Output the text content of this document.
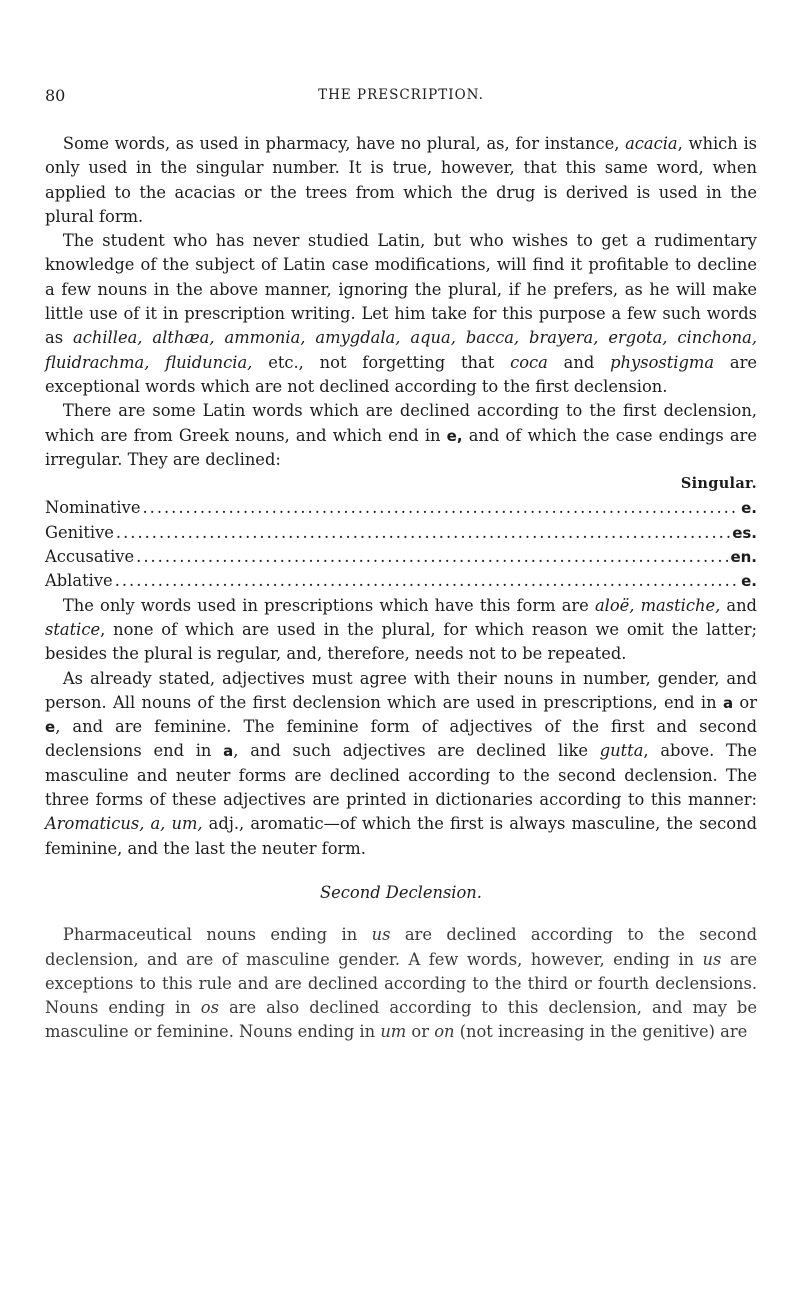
80	THE PRESCRIPTION.

Some words, as used in pharmacy, have no plural, as, for instance, acacia, which is only used in the singular number. It is true, however, that this same word, when applied to the acacias or the trees from which the drug is derived is used in the plural form.

The student who has never studied Latin, but who wishes to get a rudimentary knowledge of the subject of Latin case modifications, will find it profitable to decline a few nouns in the above manner, ignoring the plural, if he prefers, as he will make little use of it in prescription writing. Let him take for this purpose a few such words as achillea, althæa, ammonia, amygdala, aqua, bacca, brayera, ergota, cinchona, fluidrachma, fluiduncia, etc., not forgetting that coca and physostigma are exceptional words which are not declined according to the first declension.

There are some Latin words which are declined according to the first declension, which are from Greek nouns, and which end in e, and of which the case endings are irregular. They are declined:

Singular.
Nominative .....	e.
Genitive .....	es.
Accusative .....	en.
Ablative .....	e.

The only words used in prescriptions which have this form are aloë, mastiche, and statice, none of which are used in the plural, for which reason we omit the latter; besides the plural is regular, and, therefore, needs not to be repeated.

As already stated, adjectives must agree with their nouns in number, gender, and person. All nouns of the first declension which are used in prescriptions, end in a or e, and are feminine. The feminine form of adjectives of the first and second declensions end in a, and such adjectives are declined like gutta, above. The masculine and neuter forms are declined according to the second declension. The three forms of these adjectives are printed in dictionaries according to this manner: Aromaticus, a, um, adj., aromatic—of which the first is always masculine, the second feminine, and the last the neuter form.

Second Declension.

Pharmaceutical nouns ending in us are declined according to the second declension, and are of masculine gender. A few words, however, ending in us are exceptions to this rule and are declined according to the third or fourth declensions. Nouns ending in os are also declined according to this declension, and may be masculine or feminine. Nouns ending in um or on (not increasing in the genitive) are
